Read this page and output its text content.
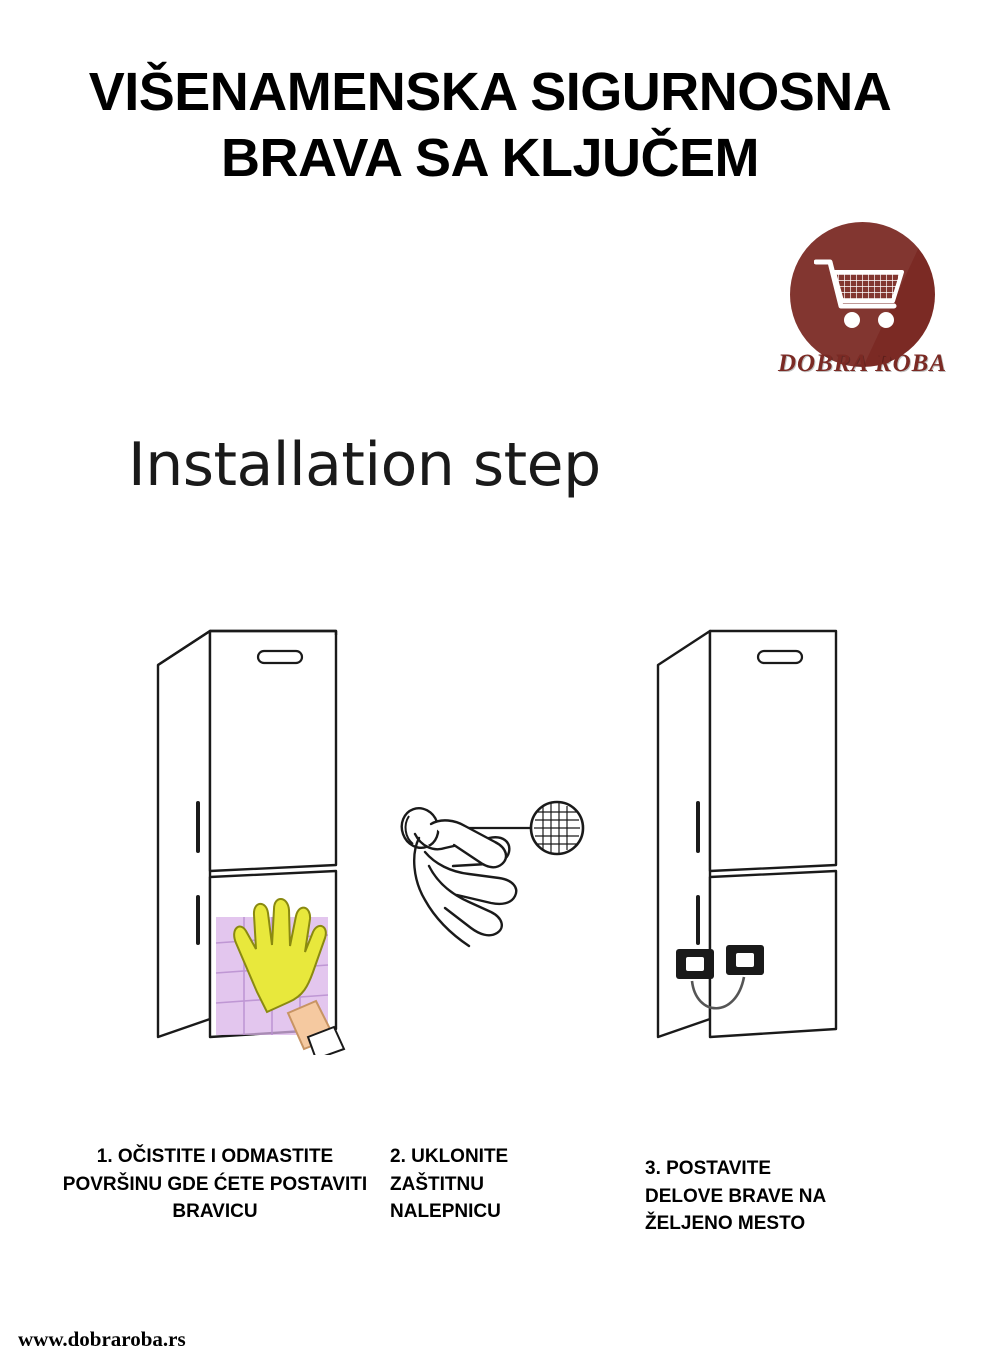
VIŠENAMENSKA SIGURNOSNA
BRAVA SA KLJUČEM
DOBRA ROBA
Installation step
1. OČISTITE I ODMASTITE POVRŠINU GDE ĆETE POSTAVITI BRAVICU
2. UKLONITE ZAŠTITNU NALEPNICU
3. POSTAVITE DELOVE BRAVE NA ŽELJENO MESTO
www.dobraroba.rs
